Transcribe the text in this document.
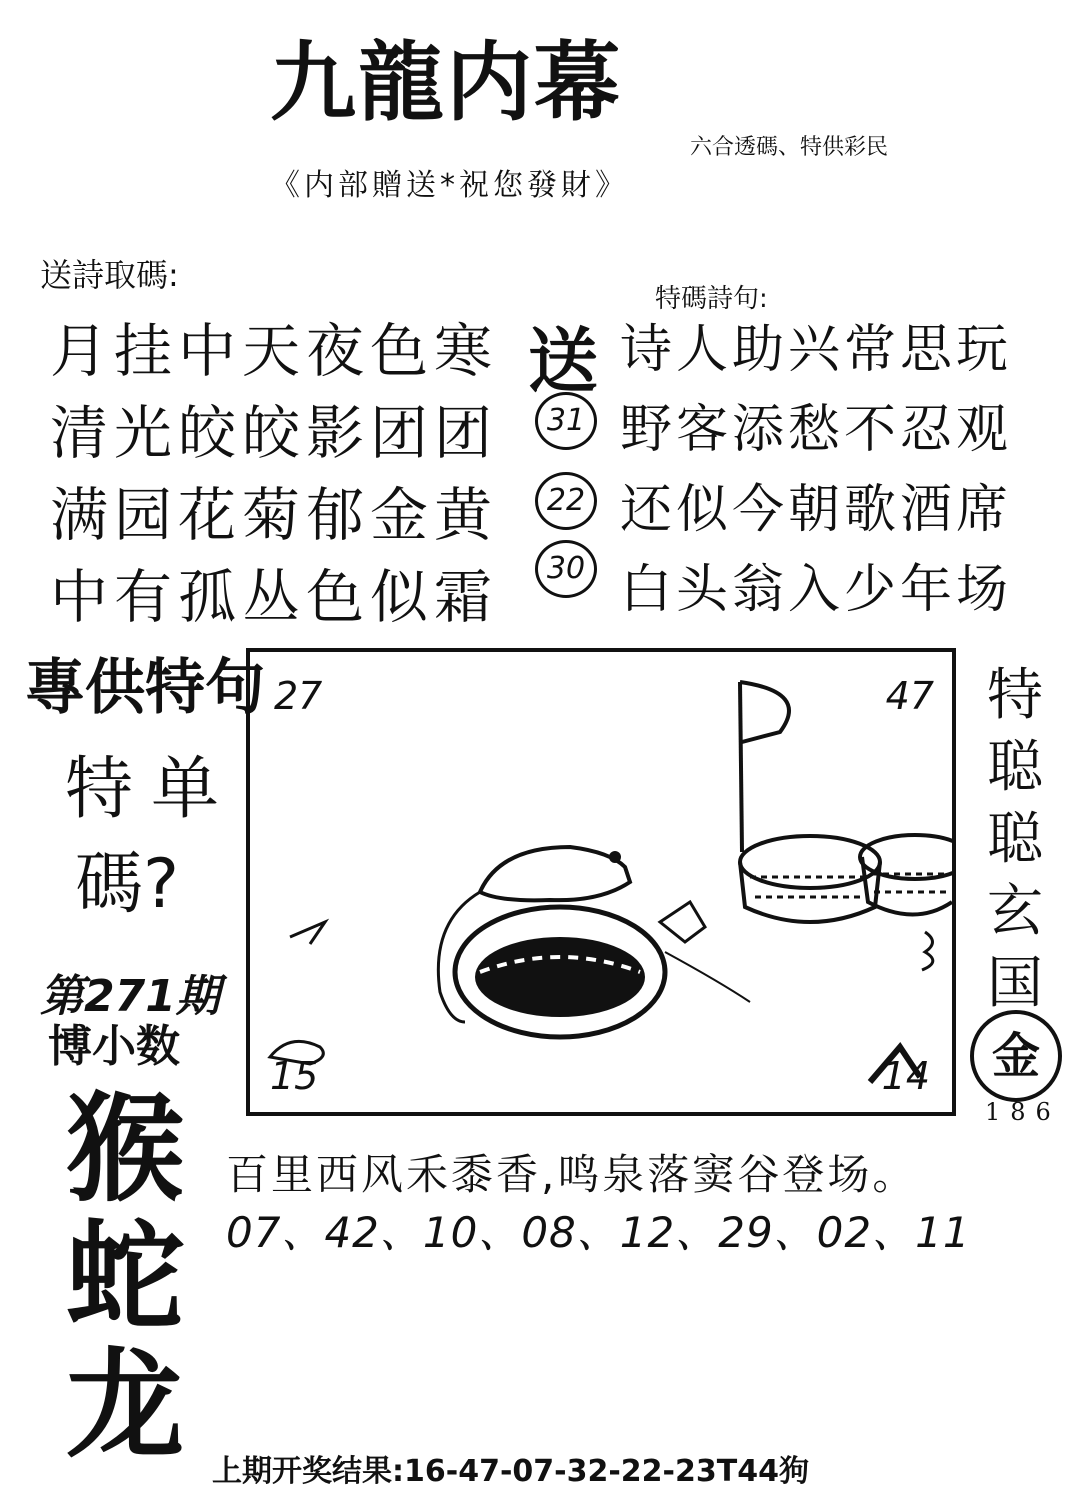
九龍内幕
六合透碼、特供彩民
《内部贈送*祝您發財》
送詩取碼:
特碼詩句:
月挂中天夜色寒
清光皎皎影团团
满园花菊郁金黄
中有孤丛色似霜
送
31
22
30
诗人助兴常思玩
野客添愁不忍观
还似今朝歌酒席
白头翁入少年场
專供特句
特单
碼?
第271期
博小数
猴
蛇
龙
27	47
15	14
特
聪
聪
玄
国
金
186
百里西风禾黍香,鸣泉落窦谷登场。
07、42、10、08、12、29、02、11
上期开奖结果:16-47-07-32-22-23T44狗
